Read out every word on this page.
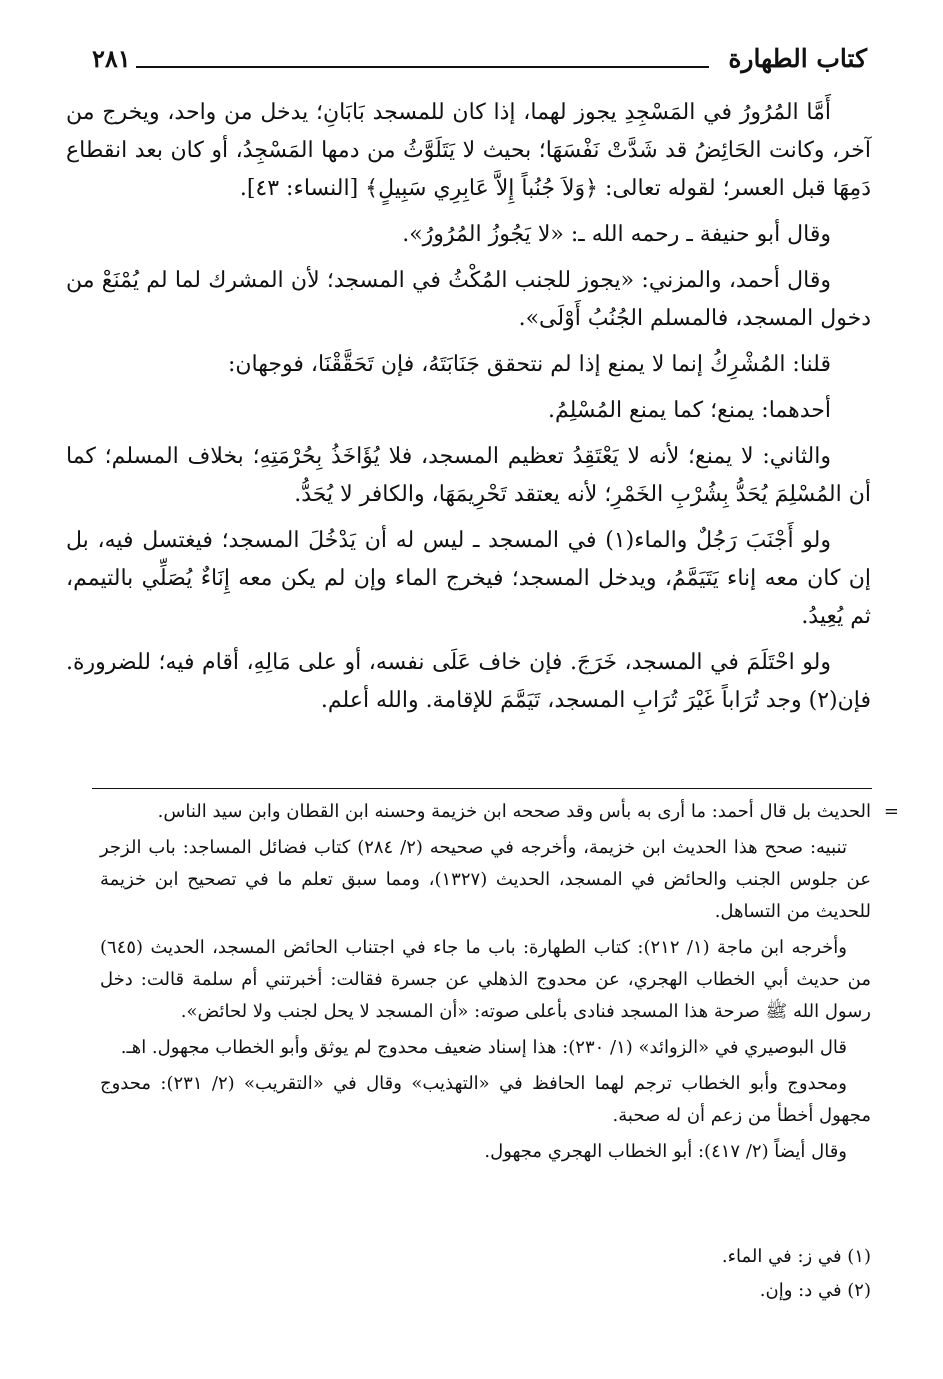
كتاب الطهارة
٢٨١

أَمَّا المُرُورُ في المَسْجِدِ يجوز لهما، إذا كان للمسجد بَابَانِ؛ يدخل من واحد، ويخرج من آخر، وكانت الحَائِضُ قد شَدَّتْ نَفْسَهَا؛ بحيث لا يَتَلَوَّثُ من دمها المَسْجِدُ، أو كان بعد انقطاع دَمِهَا قبل العسر؛ لقوله تعالى: ﴿وَلاَ جُنُباً إِلاَّ عَابِرِي سَبِيلٍ﴾ [النساء: ٤٣].

وقال أبو حنيفة ـ رحمه الله ـ: «لا يَجُوزُ المُرُورُ».

وقال أحمد، والمزني: «يجوز للجنب المُكْثُ في المسجد؛ لأن المشرك لما لم يُمْنَعْ من دخول المسجد، فالمسلم الجُنُبُ أَوْلَى».

قلنا: المُشْرِكُ إنما لا يمنع إذا لم نتحقق جَنَابَتَهُ، فإن تَحَقَّقْنَا، فوجهان:

أحدهما: يمنع؛ كما يمنع المُسْلِمُ.

والثاني: لا يمنع؛ لأنه لا يَعْتَقِدُ تعظيم المسجد، فلا يُؤَاخَذُ بِحُرْمَتِهِ؛ بخلاف المسلم؛ كما أن المُسْلِمَ يُحَدُّ بِشُرْبِ الخَمْرِ؛ لأنه يعتقد تَحْرِيمَهَا، والكافر لا يُحَدُّ.

ولو أَجْنَبَ رَجُلٌ والماء(١) في المسجد ـ ليس له أن يَدْخُلَ المسجد؛ فيغتسل فيه، بل إن كان معه إناء يَتَيَمَّمُ، ويدخل المسجد؛ فيخرج الماء وإن لم يكن معه إِنَاءٌ يُصَلِّي بالتيمم، ثم يُعِيدُ.

ولو احْتَلَمَ في المسجد، خَرَجَ. فإن خاف عَلَى نفسه، أو على مَالِهِ، أقام فيه؛ للضرورة. فإن(٢) وجد تُرَاباً غَيْرَ تُرَابِ المسجد، تَيَمَّمَ للإقامة. والله أعلم.

=

الحديث بل قال أحمد: ما أرى به بأس وقد صححه ابن خزيمة وحسنه ابن القطان وابن سيد الناس.

تنبيه: صحح هذا الحديث ابن خزيمة، وأخرجه في صحيحه (٢/ ٢٨٤) كتاب فضائل المساجد: باب الزجر عن جلوس الجنب والحائض في المسجد، الحديث (١٣٢٧)، ومما سبق تعلم ما في تصحيح ابن خزيمة للحديث من التساهل.

وأخرجه ابن ماجة (١/ ٢١٢): كتاب الطهارة: باب ما جاء في اجتناب الحائض المسجد، الحديث (٦٤٥) من حديث أبي الخطاب الهجري، عن محدوج الذهلي عن جسرة فقالت: أخبرتني أم سلمة قالت: دخل رسول الله ﷺ صرحة هذا المسجد فنادى بأعلى صوته: «أن المسجد لا يحل لجنب ولا لحائض».

قال البوصيري في «الزوائد» (١/ ٢٣٠): هذا إسناد ضعيف محدوج لم يوثق وأبو الخطاب مجهول. اهـ.

ومحدوج وأبو الخطاب ترجم لهما الحافظ في «التهذيب» وقال في «التقريب» (٢/ ٢٣١): محدوج مجهول أخطأ من زعم أن له صحبة.

وقال أيضاً (٢/ ٤١٧): أبو الخطاب الهجري مجهول.

(١) في ز: في الماء.

(٢) في د: وإن.
